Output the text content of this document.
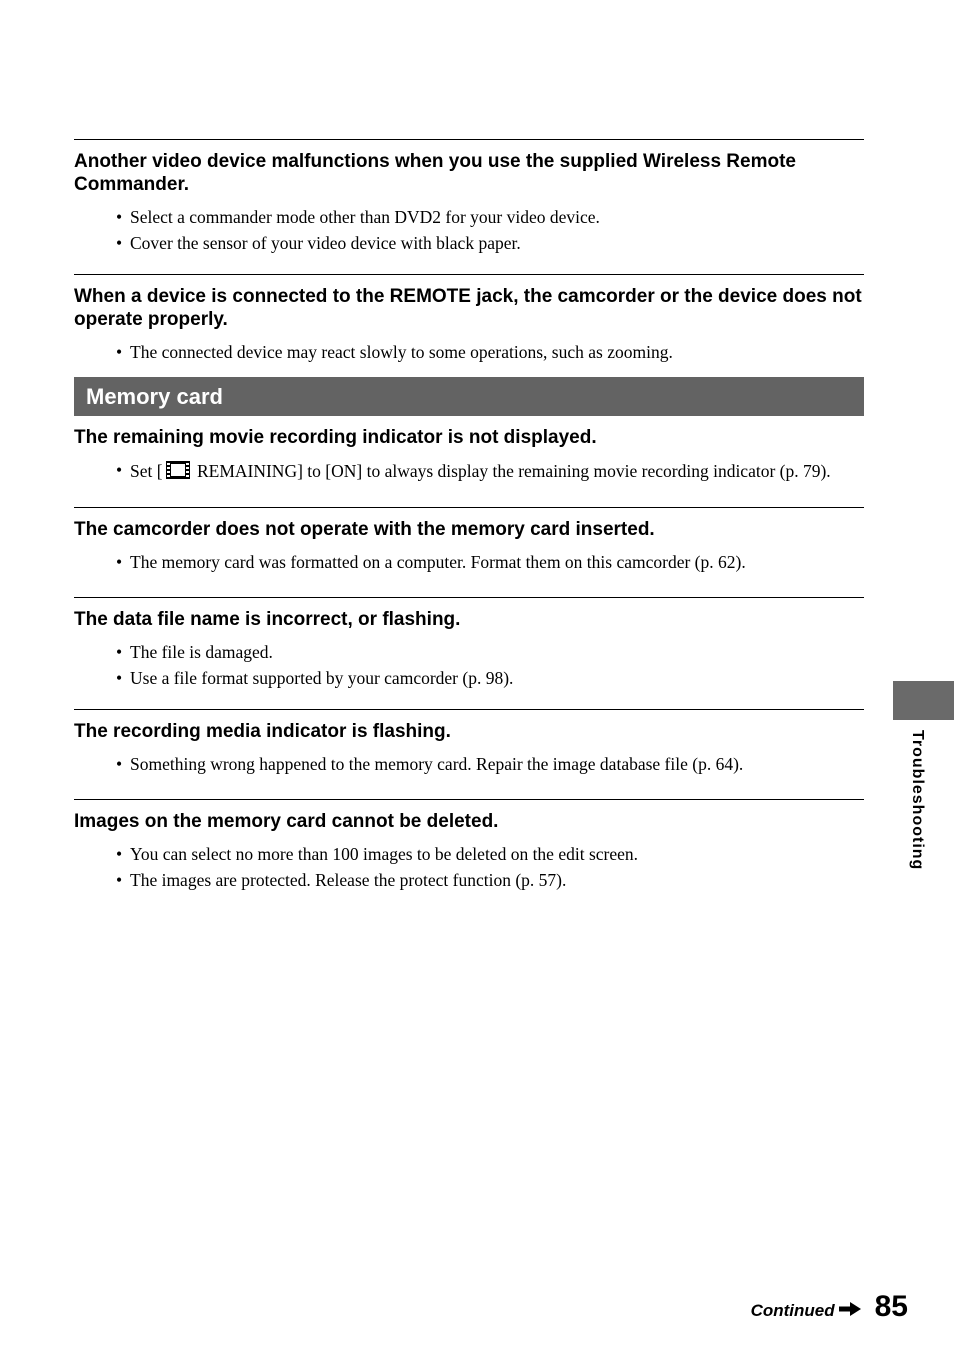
Another video device malfunctions when you use the supplied Wireless Remote Commander.

• Select a commander mode other than DVD2 for your video device.
• Cover the sensor of your video device with black paper.

When a device is connected to the REMOTE jack, the camcorder or the device does not operate properly.

• The connected device may react slowly to some operations, such as zooming.
Memory card

The remaining movie recording indicator is not displayed.

• Set [ REMAINING] to [ON] to always display the remaining movie recording indicator (p. 79).

The camcorder does not operate with the memory card inserted.

• The memory card was formatted on a computer. Format them on this camcorder (p. 62).

The data file name is incorrect, or flashing.

• The file is damaged.
• Use a file format supported by your camcorder (p. 98).

The recording media indicator is flashing.

• Something wrong happened to the memory card. Repair the image database file (p. 64).

Images on the memory card cannot be deleted.

• You can select no more than 100 images to be deleted on the edit screen.
• The images are protected. Release the protect function (p. 57).
Troubleshooting
Continued 85
